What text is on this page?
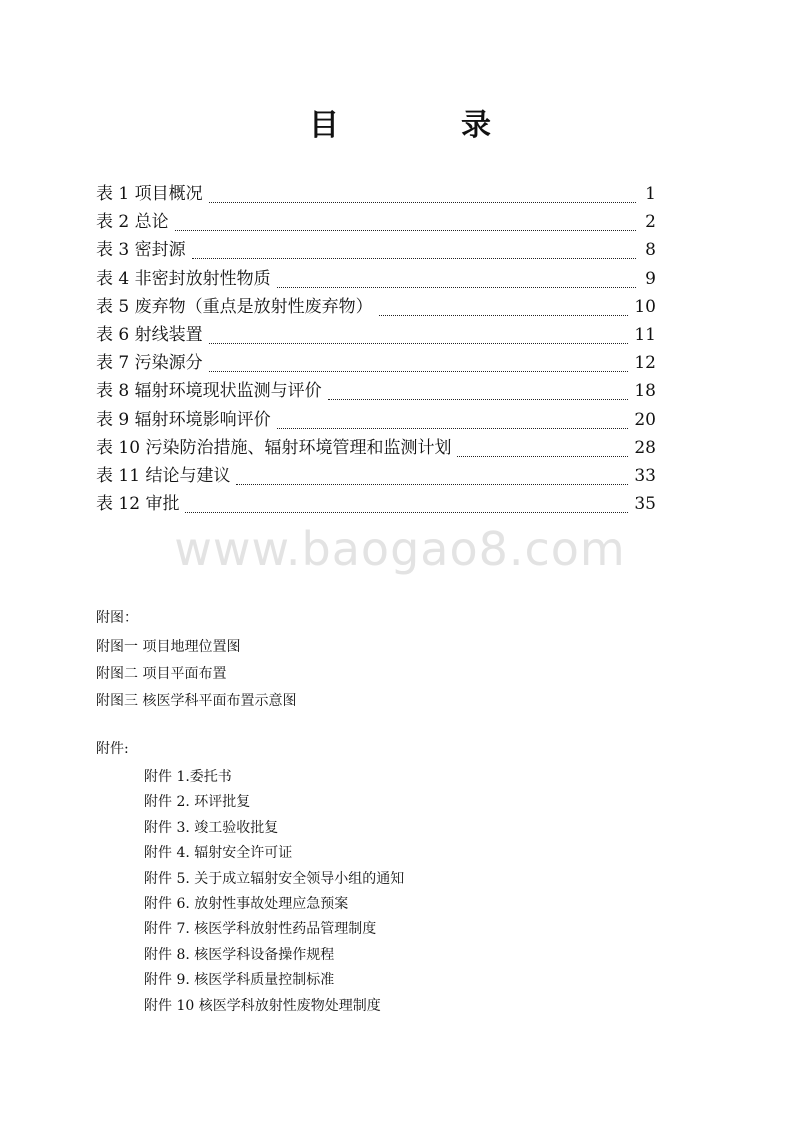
目　录
表 1 项目概况	1
表 2 总论	2
表 3 密封源	8
表 4 非密封放射性物质	9
表 5 废弃物（重点是放射性废弃物）	10
表 6 射线装置	11
表 7 污染源分	12
表 8 辐射环境现状监测与评价	18
表 9 辐射环境影响评价	20
表 10 污染防治措施、辐射环境管理和监测计划	28
表 11 结论与建议	33
表 12 审批	35
www.baogao8.com
附图：
附图一 项目地理位置图
附图二 项目平面布置
附图三 核医学科平面布置示意图
附件:
附件 1.委托书
附件 2. 环评批复
附件 3. 竣工验收批复
附件 4. 辐射安全许可证
附件 5. 关于成立辐射安全领导小组的通知
附件 6. 放射性事故处理应急预案
附件 7. 核医学科放射性药品管理制度
附件 8. 核医学科设备操作规程
附件 9. 核医学科质量控制标准
附件 10 核医学科放射性废物处理制度
